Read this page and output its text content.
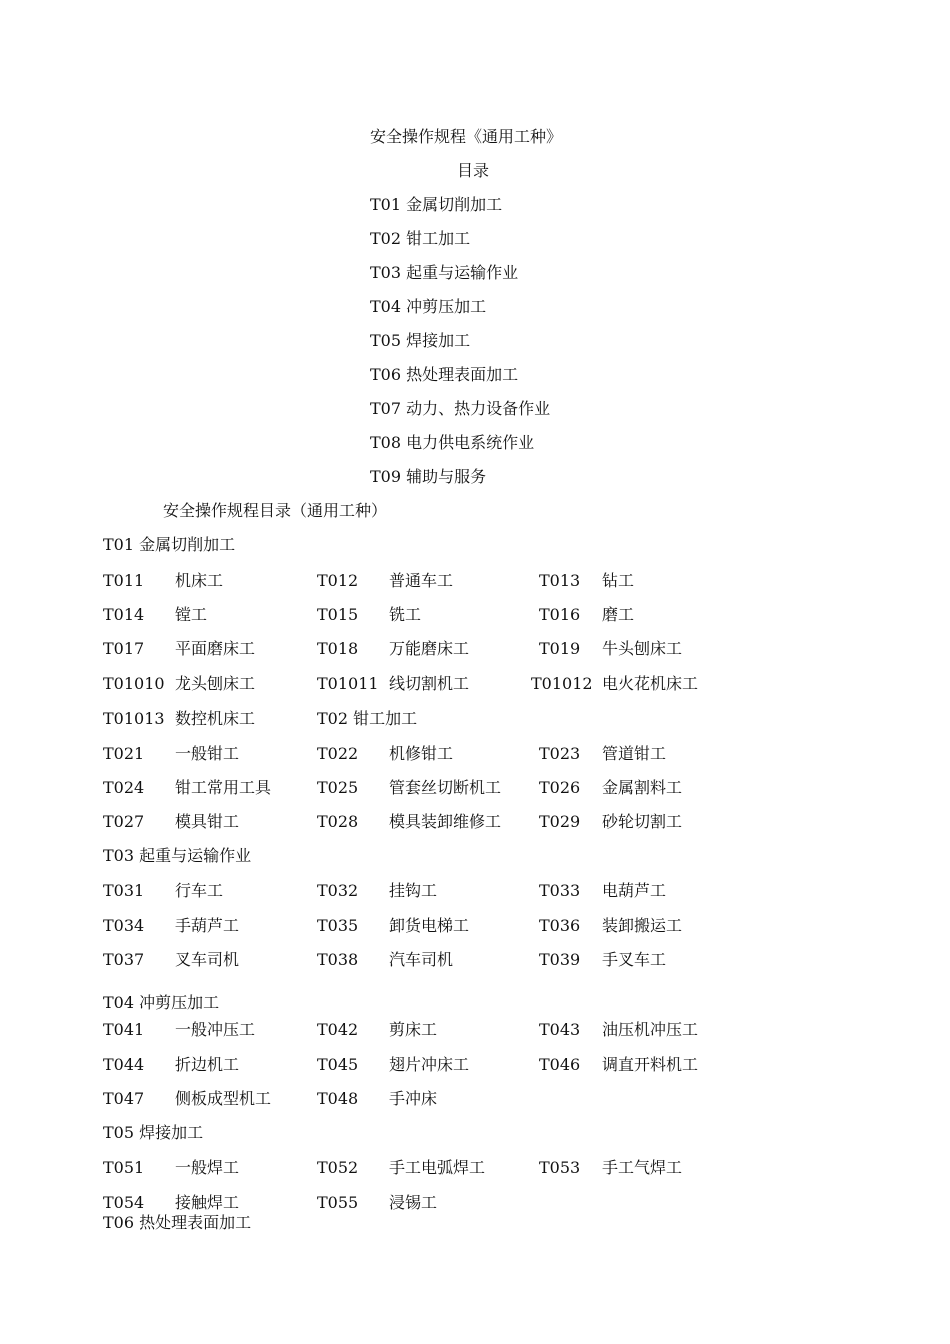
安全操作规程《通用工种》
目录
T01 金属切削加工
T02 钳工加工
T03 起重与运输作业
T04 冲剪压加工
T05 焊接加工
T06 热处理表面加工
T07 动力、热力设备作业
T08 电力供电系统作业
T09 辅助与服务
安全操作规程目录（通用工种）
T01 金属切削加工
T011 机床工	T012 普通车工	T013 钻工
T014 镗工	T015 铣工	T016 磨工
T017 平面磨床工	T018 万能磨床工	T019 牛头刨床工
T01010 龙头刨床工	T01011 线切割机工	T01012 电火花机床工
T01013 数控机床工	T02 钳工加工
T021 一般钳工	T022 机修钳工	T023 管道钳工
T024 钳工常用工具	T025 管套丝切断机工 T026 金属割料工
T027 模具钳工	T028 模具装卸维修工 T029 砂轮切割工
T03 起重与运输作业
T031 行车工	T032 挂钩工	T033 电葫芦工
T034 手葫芦工	T035 卸货电梯工	T036 装卸搬运工
T037 叉车司机	T038 汽车司机	T039 手叉车工
T04 冲剪压加工
T041 一般冲压工	T042 剪床工	T043 油压机冲压工
T044 折边机工	T045 翅片冲床工	T046 调直开料机工
T047 侧板成型机工	T048 手冲床
T05 焊接加工
T051 一般焊工	T052 手工电弧焊工	T053 手工气焊工
T054 接触焊工	T055 浸锡工
T06 热处理表面加工
